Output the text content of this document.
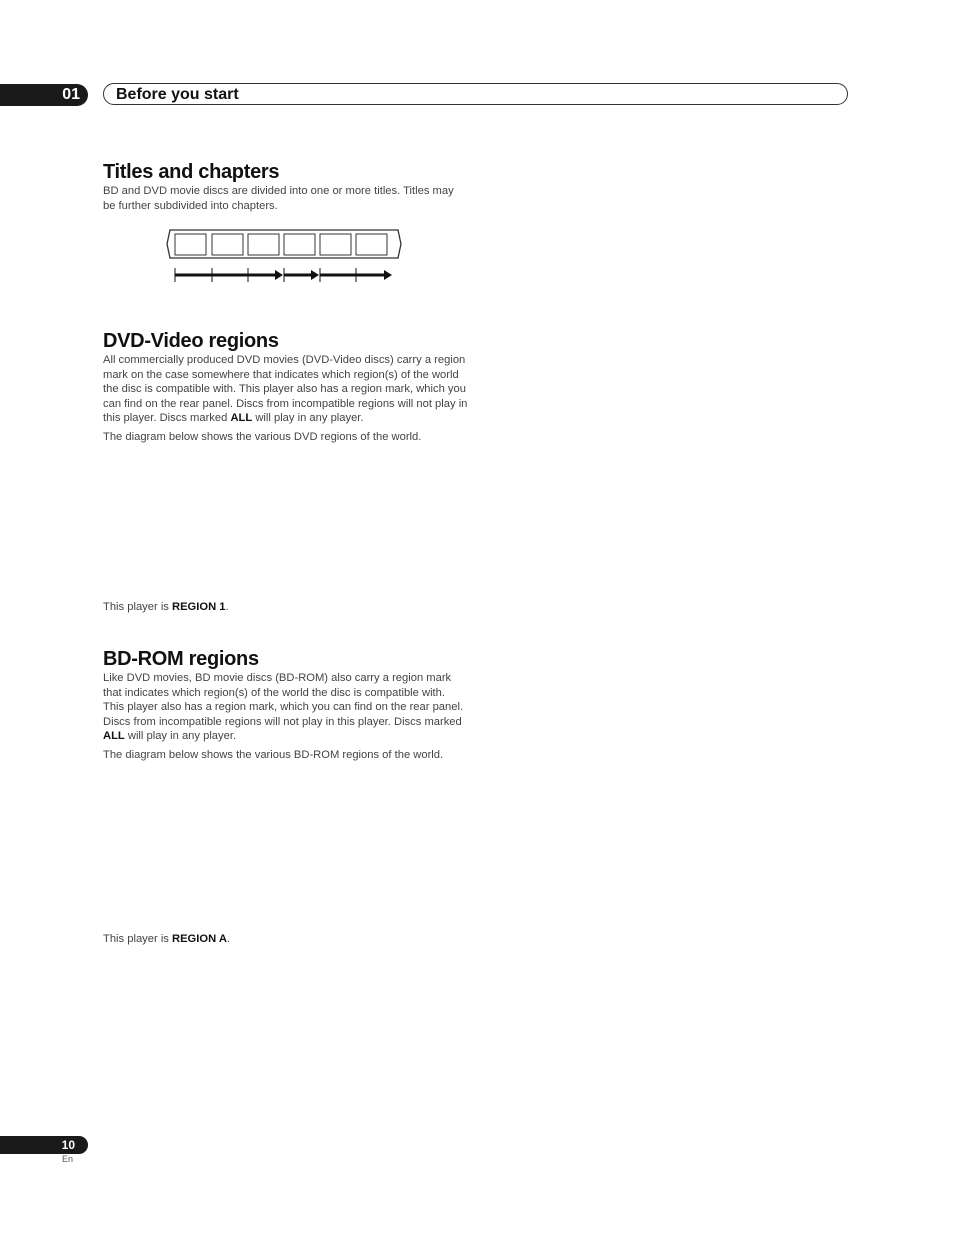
01 Before you start
Titles and chapters

BD and DVD movie discs are divided into one or more titles. Titles may be further subdivided into chapters.

DVD-Video regions

All commercially produced DVD movies (DVD-Video discs) carry a region mark on the case somewhere that indicates which region(s) of the world the disc is compatible with. This player also has a region mark, which you can find on the rear panel. Discs from incompatible regions will not play in this player. Discs marked ALL will play in any player.

The diagram below shows the various DVD regions of the world.

This player is REGION 1.

BD-ROM regions

Like DVD movies, BD movie discs (BD-ROM) also carry a region mark that indicates which region(s) of the world the disc is compatible with. This player also has a region mark, which you can find on the rear panel. Discs from incompatible regions will not play in this player. Discs marked ALL will play in any player.

The diagram below shows the various BD-ROM regions of the world.

This player is REGION A.

10
En
